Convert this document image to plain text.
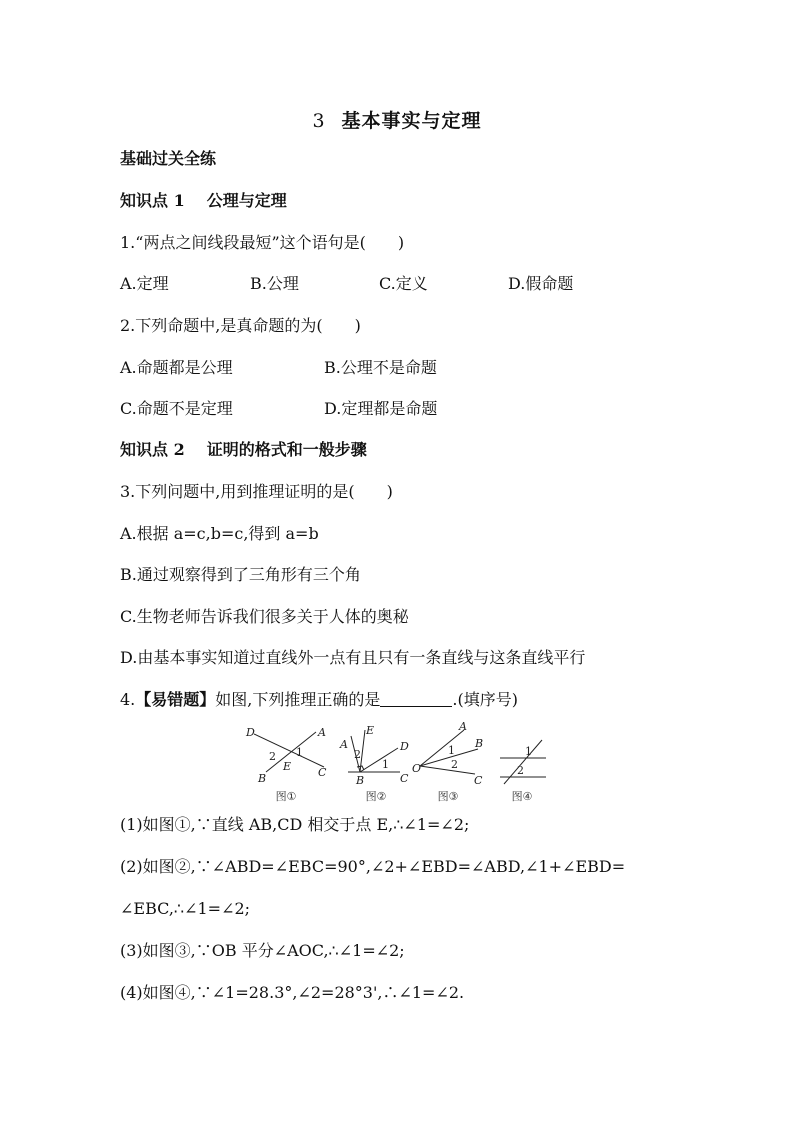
3 基本事实与定理
基础过关全练
知识点 1 公理与定理
1.“两点之间线段最短”这个语句是(　　)
A.定理	B.公理	C.定义	D.假命题
2.下列命题中,是真命题的为(　　)
A.命题都是公理	B.公理不是命题
C.命题不是定理	D.定理都是命题
知识点 2 证明的格式和一般步骤
3.下列问题中,用到推理证明的是(　　)
A.根据 a=c,b=c,得到 a=b
B.通过观察得到了三角形有三个角
C.生物老师告诉我们很多关于人体的奥秘
D.由基本事实知道过直线外一点有且只有一条直线与这条直线平行
4.【易错题】如图,下列推理正确的是	.(填序号)
D	A
E
B	C
2 1
A
E
D
B	C
2
1
A
B
O
C
1
2
1
2
图①	图②	图③	图④
(1)如图①,∵直线 AB,CD 相交于点 E,∴∠1=∠2;
(2)如图②,∵∠ABD=∠EBC=90°,∠2+∠EBD=∠ABD,∠1+∠EBD=
∠EBC,∴∠1=∠2;
(3)如图③,∵OB 平分∠AOC,∴∠1=∠2;
(4)如图④,∵∠1=28.3°,∠2=28°3',∴∠1=∠2.
